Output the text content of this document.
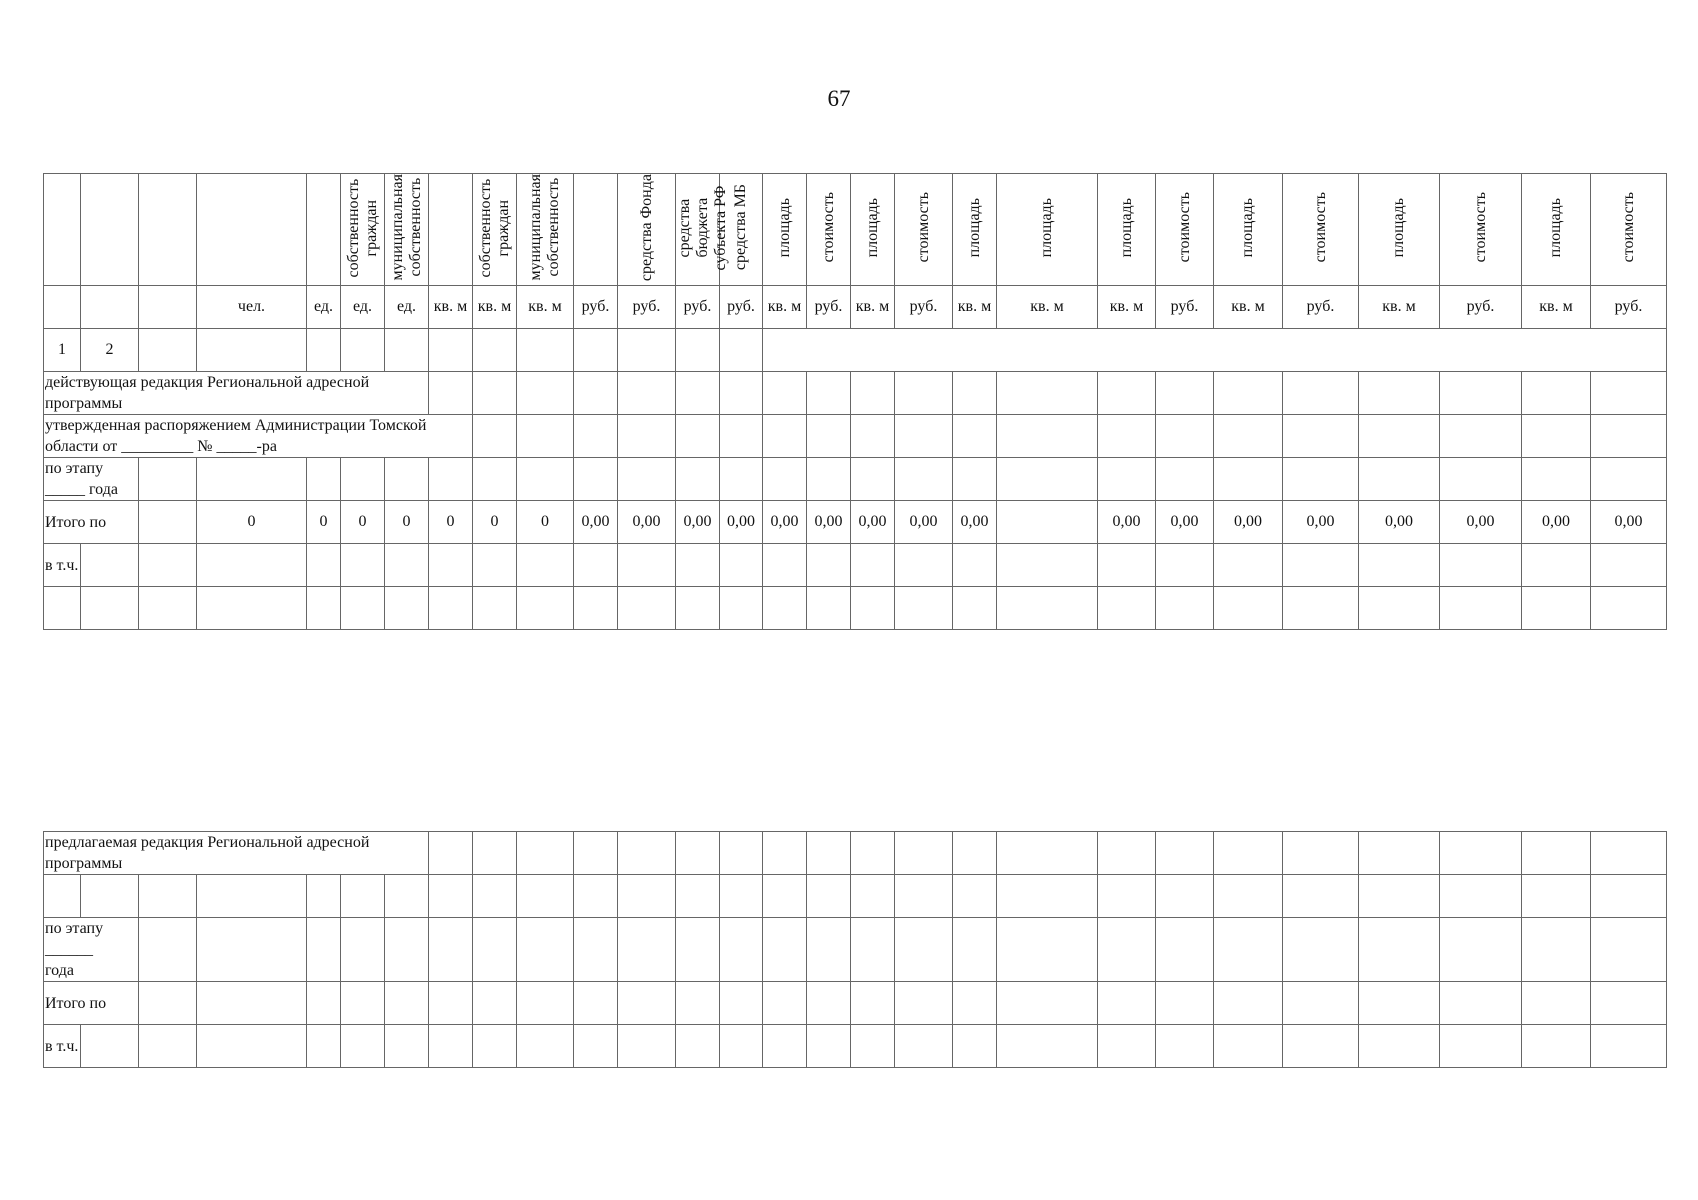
67
					собственность граждан	муниципальная собственность		собственность граждан	муниципальная собственность		средства Фонда	средства бюджета субъекта РФ	средства МБ	площадь	стоимость	площадь	стоимость	площадь	площадь	площадь	стоимость	площадь	стоимость	площадь	стоимость	площадь	стоимость
			чел.	ед.	ед.	ед.	кв. м	кв. м	кв. м	руб.	руб.	руб.	руб.	кв. м	руб.	кв. м	руб.	кв. м	кв. м	кв. м	руб.	кв. м	руб.	кв. м	руб.	кв. м	руб.
1	2																										
действующая редакция Региональной адресной программы																											
утвержденная распоряжением Администрации Томской области от _________ № _____-ра																											
по этапу _____ года																											
Итого по			0	0	0	0	0	0	0	0,00	0,00	0,00	0,00	0,00	0,00	0,00	0,00	0,00		0,00	0,00	0,00	0,00	0,00	0,00	0,00	0,00
в т.ч.																											

предлагаемая редакция Региональной адресной программы																											

по этапу
______
года																											

Итого по																											
в т.ч.																											
